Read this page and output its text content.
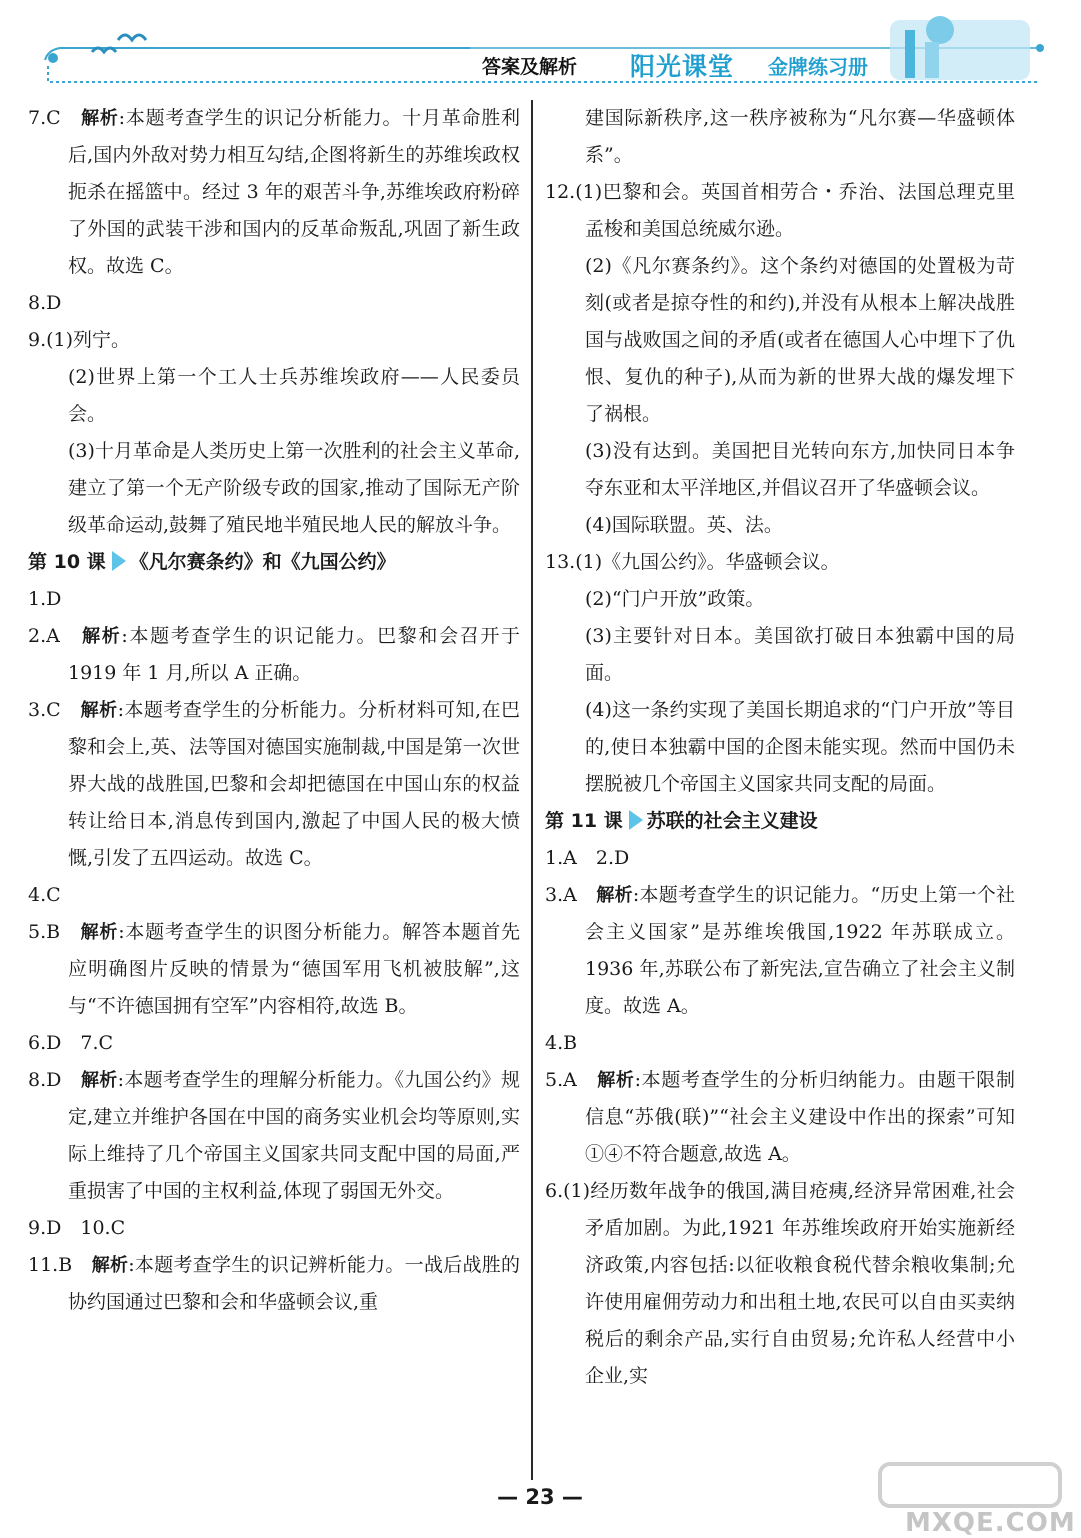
答案及解析 阳光课堂 金牌练习册

7.C　解析:本题考查学生的识记分析能力。十月革命胜利后,国内外敌对势力相互勾结,企图将新生的苏维埃政权扼杀在摇篮中。经过 3 年的艰苦斗争,苏维埃政府粉碎了外国的武装干涉和国内的反革命叛乱,巩固了新生政权。故选 C。

8.D

9.(1)列宁。

(2)世界上第一个工人士兵苏维埃政府——人民委员会。

(3)十月革命是人类历史上第一次胜利的社会主义革命,建立了第一个无产阶级专政的国家,推动了国际无产阶级革命运动,鼓舞了殖民地半殖民地人民的解放斗争。

第 10 课 《凡尔赛条约》和《九国公约》

1.D

2.A　解析:本题考查学生的识记能力。巴黎和会召开于 1919 年 1 月,所以 A 正确。

3.C　解析:本题考查学生的分析能力。分析材料可知,在巴黎和会上,英、法等国对德国实施制裁,中国是第一次世界大战的战胜国,巴黎和会却把德国在中国山东的权益转让给日本,消息传到国内,激起了中国人民的极大愤慨,引发了五四运动。故选 C。

4.C

5.B　解析:本题考查学生的识图分析能力。解答本题首先应明确图片反映的情景为“德国军用飞机被肢解”,这与“不许德国拥有空军”内容相符,故选 B。

6.D　7.C

8.D　解析:本题考查学生的理解分析能力。《九国公约》规定,建立并维护各国在中国的商务实业机会均等原则,实际上维持了几个帝国主义国家共同支配中国的局面,严重损害了中国的主权利益,体现了弱国无外交。

9.D　10.C

11.B　解析:本题考查学生的识记辨析能力。一战后战胜的协约国通过巴黎和会和华盛顿会议,重

建国际新秩序,这一秩序被称为“凡尔赛—华盛顿体系”。

12.(1)巴黎和会。英国首相劳合・乔治、法国总理克里孟梭和美国总统威尔逊。

(2)《凡尔赛条约》。这个条约对德国的处置极为苛刻(或者是掠夺性的和约),并没有从根本上解决战胜国与战败国之间的矛盾(或者在德国人心中埋下了仇恨、复仇的种子),从而为新的世界大战的爆发埋下了祸根。

(3)没有达到。美国把目光转向东方,加快同日本争夺东亚和太平洋地区,并倡议召开了华盛顿会议。

(4)国际联盟。英、法。

13.(1)《九国公约》。华盛顿会议。

(2)“门户开放”政策。

(3)主要针对日本。美国欲打破日本独霸中国的局面。

(4)这一条约实现了美国长期追求的“门户开放”等目的,使日本独霸中国的企图未能实现。然而中国仍未摆脱被几个帝国主义国家共同支配的局面。

第 11 课 苏联的社会主义建设

1.A　2.D

3.A　解析:本题考查学生的识记能力。“历史上第一个社会主义国家”是苏维埃俄国,1922 年苏联成立。1936 年,苏联公布了新宪法,宣告确立了社会主义制度。故选 A。

4.B

5.A　解析:本题考查学生的分析归纳能力。由题干限制信息“苏俄(联)”“社会主义建设中作出的探索”可知①④不符合题意,故选 A。

6.(1)经历数年战争的俄国,满目疮痍,经济异常困难,社会矛盾加剧。为此,1921 年苏维埃政府开始实施新经济政策,内容包括:以征收粮食税代替余粮收集制;允许使用雇佣劳动力和出租土地,农民可以自由买卖纳税后的剩余产品,实行自由贸易;允许私人经营中小企业,实

— 23 —
MXQE.COM
